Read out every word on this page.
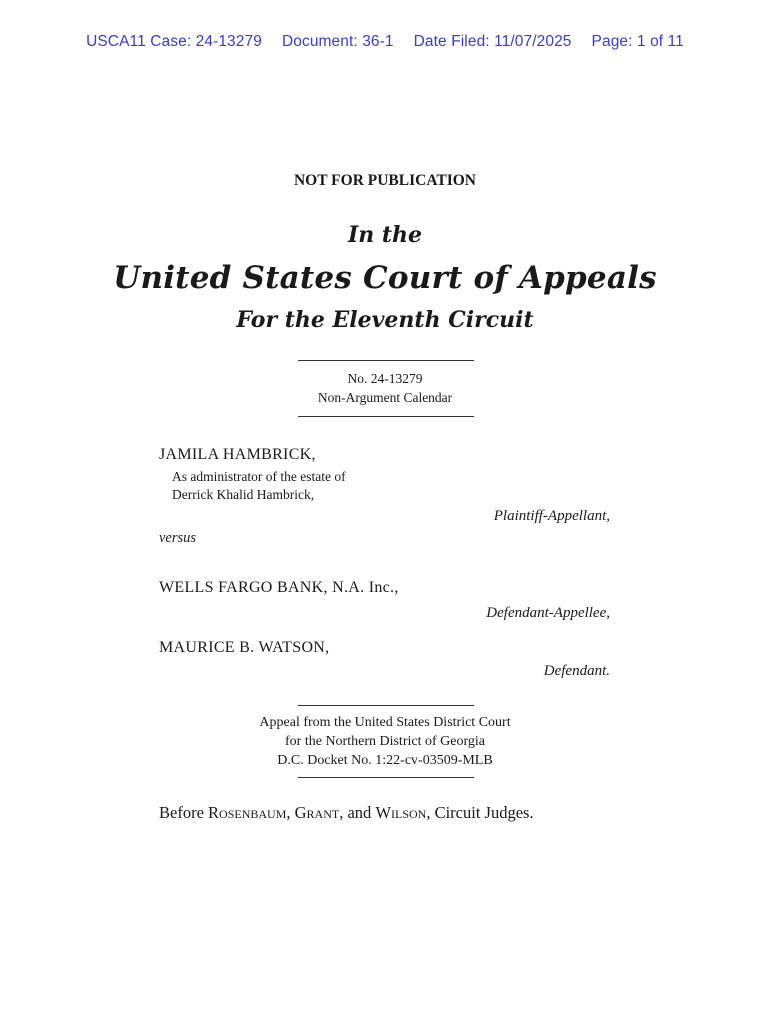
USCA11 Case: 24-13279 Document: 36-1 Date Filed: 11/07/2025 Page: 1 of 11
NOT FOR PUBLICATION
In the
United States Court of Appeals
For the Eleventh Circuit
No. 24-13279
Non-Argument Calendar
JAMILA HAMBRICK,
As administrator of the estate of
Derrick Khalid Hambrick,
Plaintiff-Appellant,
versus
WELLS FARGO BANK, N.A. Inc.,
Defendant-Appellee,
MAURICE B. WATSON,
Defendant.
Appeal from the United States District Court
for the Northern District of Georgia
D.C. Docket No. 1:22-cv-03509-MLB
Before Rosenbaum, Grant, and Wilson, Circuit Judges.
